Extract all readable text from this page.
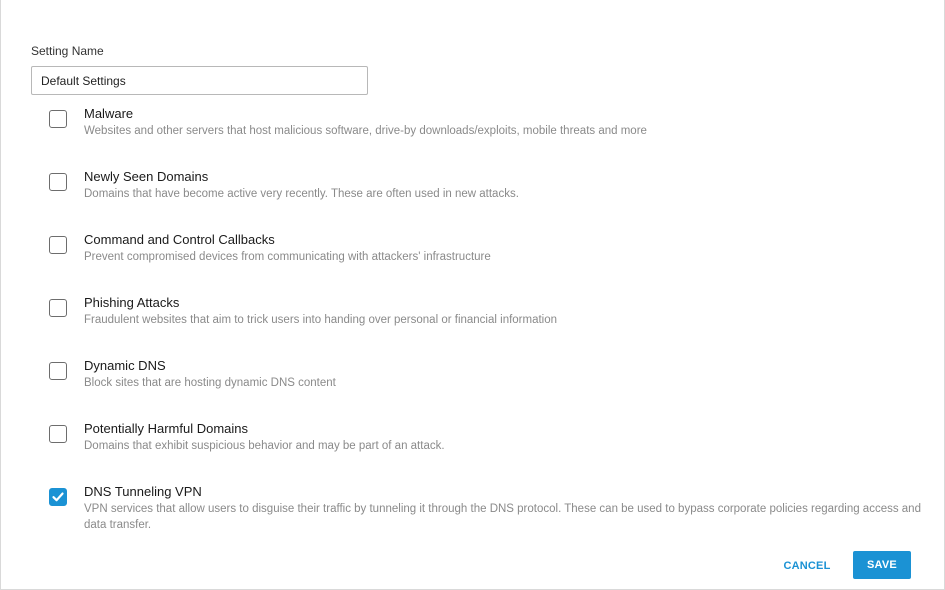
Setting Name
Default Settings
Malware
Websites and other servers that host malicious software, drive-by downloads/exploits, mobile threats and more
Newly Seen Domains
Domains that have become active very recently. These are often used in new attacks.
Command and Control Callbacks
Prevent compromised devices from communicating with attackers' infrastructure
Phishing Attacks
Fraudulent websites that aim to trick users into handing over personal or financial information
Dynamic DNS
Block sites that are hosting dynamic DNS content
Potentially Harmful Domains
Domains that exhibit suspicious behavior and may be part of an attack.
DNS Tunneling VPN
VPN services that allow users to disguise their traffic by tunneling it through the DNS protocol. These can be used to bypass corporate policies regarding access and data transfer.
CANCEL	SAVE
